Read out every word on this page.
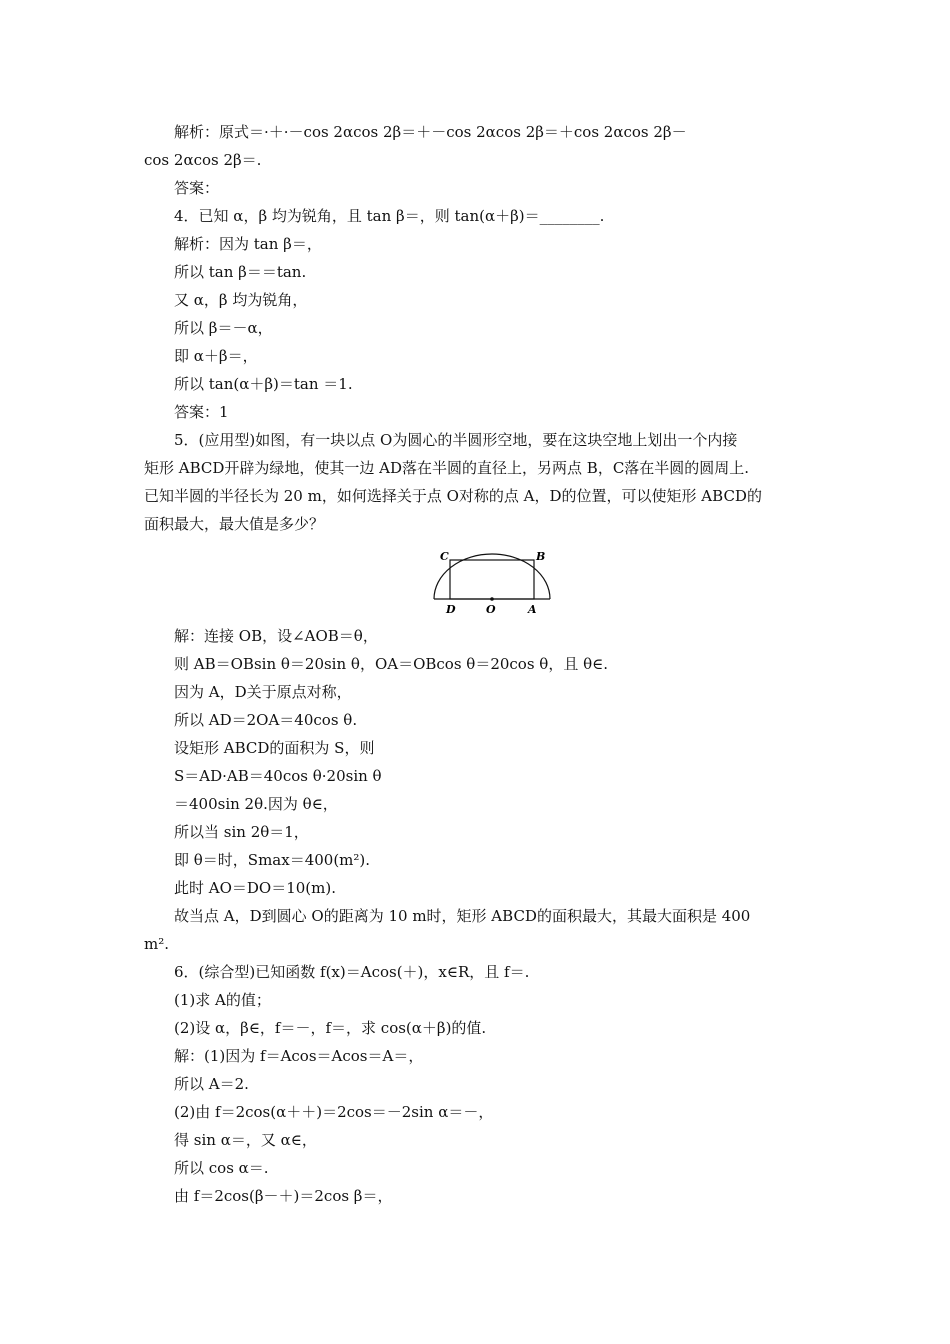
解析：原式＝·＋·－cos 2αcos 2β＝＋－cos 2αcos 2β＝＋cos 2αcos 2β－
cos 2αcos 2β＝.
答案：
4．已知 α，β 均为锐角，且 tan β＝，则 tan(α＋β)＝________.
解析：因为 tan β＝，
所以 tan β＝＝tan.
又 α，β 均为锐角，
所以 β＝－α，
即 α＋β＝，
所以 tan(α＋β)＝tan ＝1.
答案：1
5．(应用型)如图，有一块以点 O为圆心的半圆形空地，要在这块空地上划出一个内接
矩形 ABCD开辟为绿地，使其一边 AD落在半圆的直径上，另两点 B，C落在半圆的圆周上.
已知半圆的半径长为 20 m，如何选择关于点 O对称的点 A，D的位置，可以使矩形 ABCD的
面积最大，最大值是多少？
C	B
D	O	A
解：连接 OB，设∠AOB＝θ，
则 AB＝OBsin θ＝20sin θ，OA＝OBcos θ＝20cos θ，且 θ∈.
因为 A，D关于原点对称，
所以 AD＝2OA＝40cos θ.
设矩形 ABCD的面积为 S，则
S＝AD·AB＝40cos θ·20sin θ
＝400sin 2θ.因为 θ∈，
所以当 sin 2θ＝1，
即 θ＝时，Smax＝400(m²).
此时 AO＝DO＝10(m).
故当点 A，D到圆心 O的距离为 10 m时，矩形 ABCD的面积最大，其最大面积是 400
m².
6．(综合型)已知函数 f(x)＝Acos(＋)，x∈R，且 f＝.
(1)求 A的值；
(2)设 α，β∈，f＝－，f＝，求 cos(α＋β)的值.
解：(1)因为 f＝Acos＝Acos＝A＝，
所以 A＝2.
(2)由 f＝2cos(α＋＋)＝2cos＝－2sin α＝－，
得 sin α＝，又 α∈，
所以 cos α＝.
由 f＝2cos(β－＋)＝2cos β＝，
